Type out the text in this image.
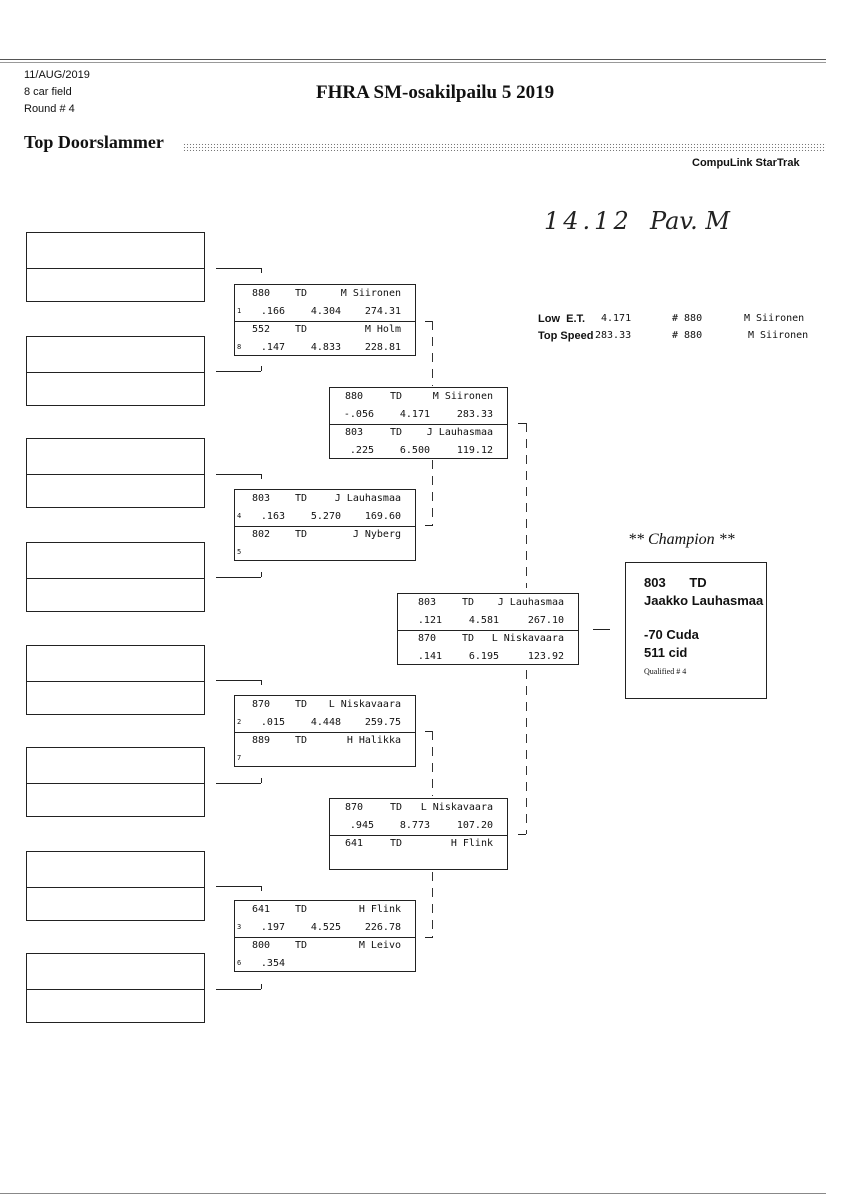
11/AUG/2019
8 car field
Round # 4
FHRA SM-osakilpailu 5 2019
Top Doorslammer
CompuLink StarTrak
14.12 Pav. M
Low  E.T. 4.171	# 880	M Siironen
Top Speed 283.33	# 880	M Siironen
880 TD	M Siironen
1 .166	4.304 274.31
552 TD	M Holm
8 .147	4.833 228.81
803 TD	J Lauhasmaa
4 .163	5.270 169.60
802 TD	J Nyberg
5
870 TD L Niskavaara
2 .015	4.448 259.75
889 TD	H Halikka
7
641 TD	H Flink
3 .197	4.525 226.78
800 TD	M Leivo
6 .354
880	TD	M Siironen
-.056	4.171	283.33
803	TD J Lauhasmaa
.225	6.500	119.12
870	TD L Niskavaara
.945	8.773	107.20
641	TD	H Flink
803	TD J Lauhasmaa
.121	4.581	267.10
870	TD L Niskavaara
.141	6.195	123.92
** Champion **
803 TD
Jaakko Lauhasmaa
-70 Cuda
511 cid
Qualified # 4
